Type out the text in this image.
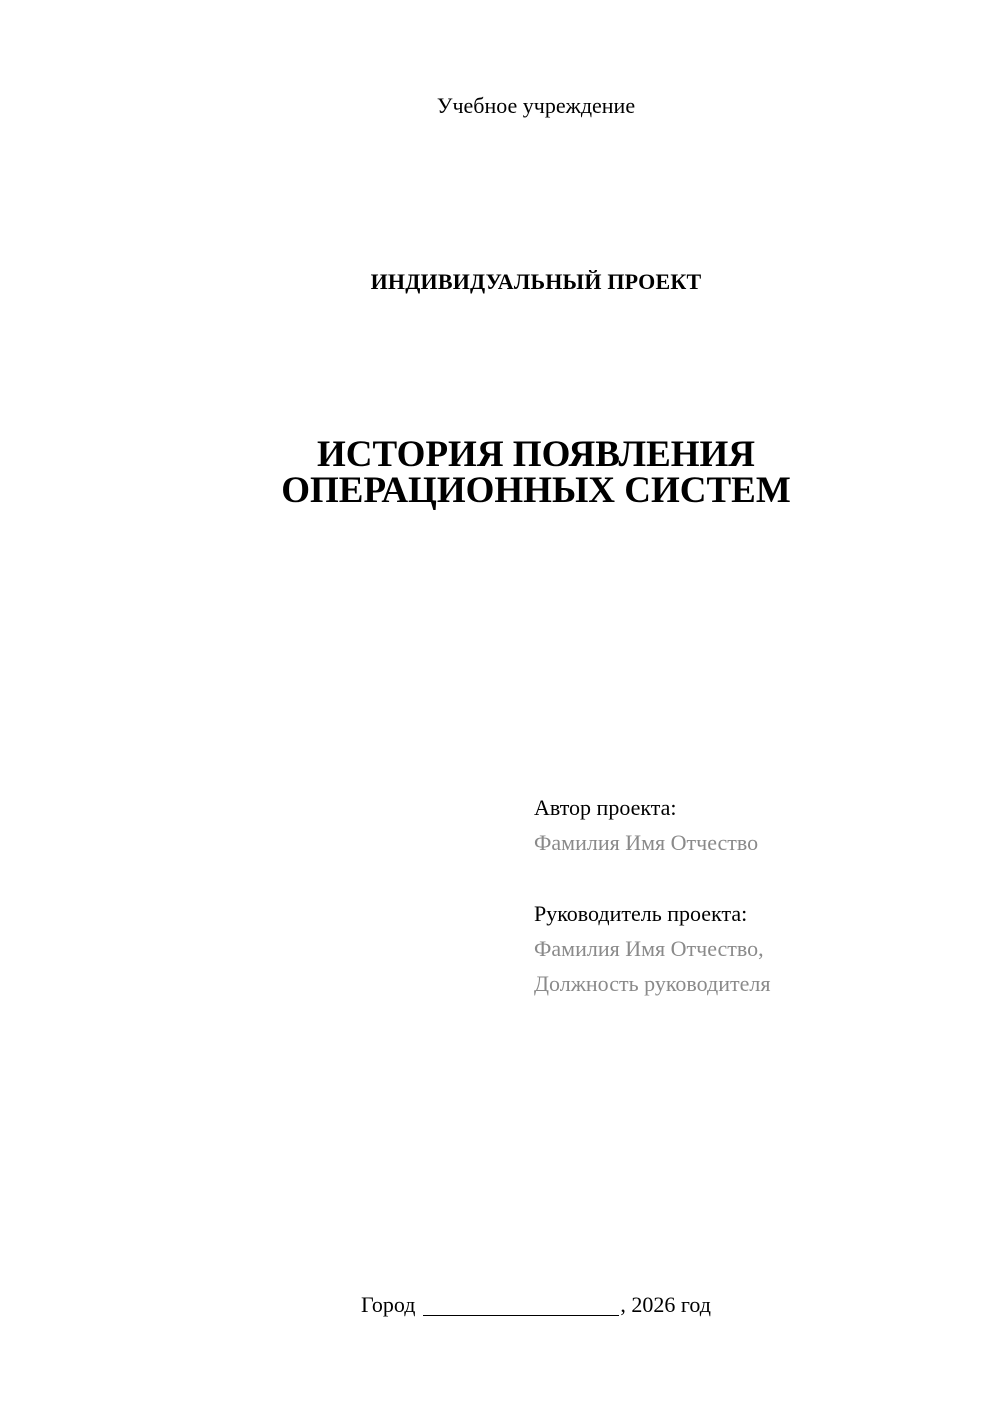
Учебное учреждение
ИНДИВИДУАЛЬНЫЙ ПРОЕКТ
ИСТОРИЯ ПОЯВЛЕНИЯ
ОПЕРАЦИОННЫХ СИСТЕМ
Автор проекта:
Фамилия Имя Отчество
Руководитель проекта:
Фамилия Имя Отчество,
Должность руководителя
Город	, 2026 год
